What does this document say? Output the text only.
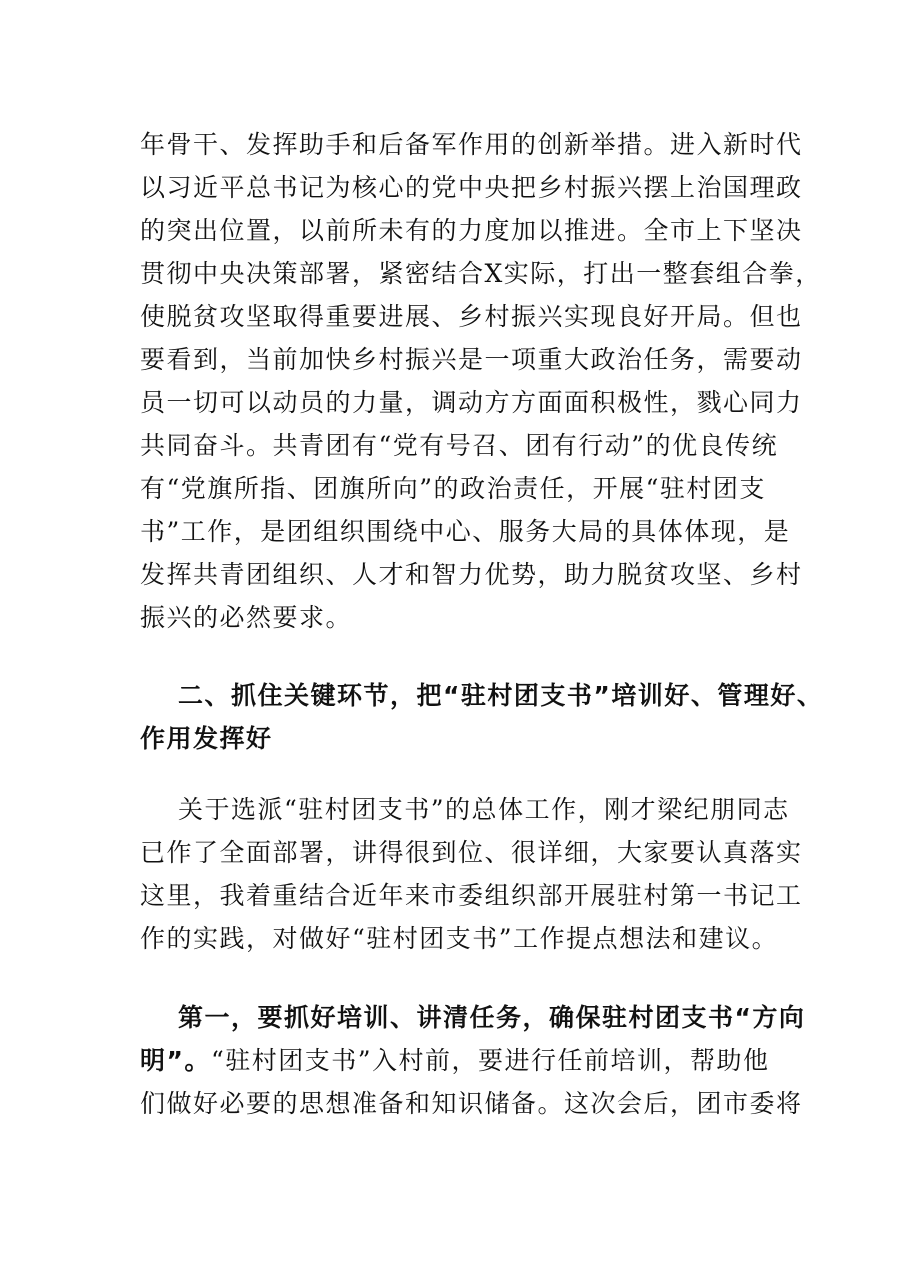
年骨干、发挥助手和后备军作用的创新举措。进入新时代
以习近平总书记为核心的党中央把乡村振兴摆上治国理政
的突出位置，以前所未有的力度加以推进。全市上下坚决
贯彻中央决策部署，紧密结合X实际，打出一整套组合拳，
使脱贫攻坚取得重要进展、乡村振兴实现良好开局。但也
要看到，当前加快乡村振兴是一项重大政治任务，需要动
员一切可以动员的力量，调动方方面面积极性，戮心同力
共同奋斗。共青团有“党有号召、团有行动”的优良传统
有“党旗所指、团旗所向”的政治责任，开展“驻村团支
书”工作，是团组织围绕中心、服务大局的具体体现，是
发挥共青团组织、人才和智力优势，助力脱贫攻坚、乡村
振兴的必然要求。
二、抓住关键环节，把“驻村团支书”培训好、管理好、
作用发挥好
关于选派“驻村团支书”的总体工作，刚才梁纪朋同志
已作了全面部署，讲得很到位、很详细，大家要认真落实
这里，我着重结合近年来市委组织部开展驻村第一书记工
作的实践，对做好“驻村团支书”工作提点想法和建议。
第一，要抓好培训、讲清任务，确保驻村团支书“方向
明”。“驻村团支书”入村前，要进行任前培训，帮助他
们做好必要的思想准备和知识储备。这次会后，团市委将
